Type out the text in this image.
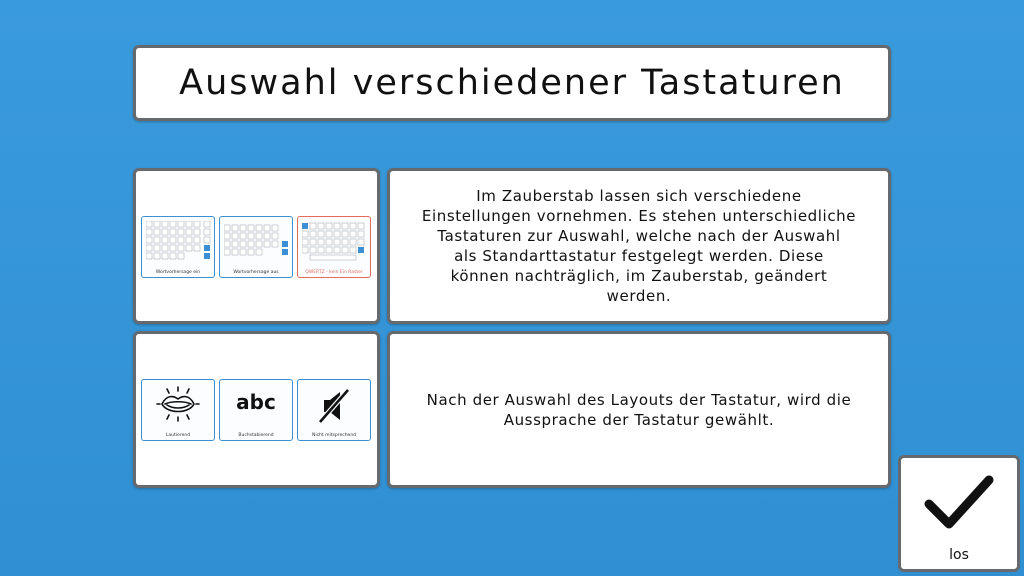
Auswahl verschiedener Tastaturen
Wortvorhersage ein	Wortvorhersage aus	QWERTZ - kein Ein Raster

Im Zauberstab lassen sich verschiedene

Einstellungen vornehmen. Es stehen unterschiedliche

Tastaturen zur Auswahl, welche nach der Auswahl

als Standarttastatur festgelegt werden. Diese

können nachträglich, im Zauberstab, geändert

werden.

Lautierend
abc
Buchstabierend	Nicht mitsprechend

Nach der Auswahl des Layouts der Tastatur, wird die

Aussprache der Tastatur gewählt.

los
